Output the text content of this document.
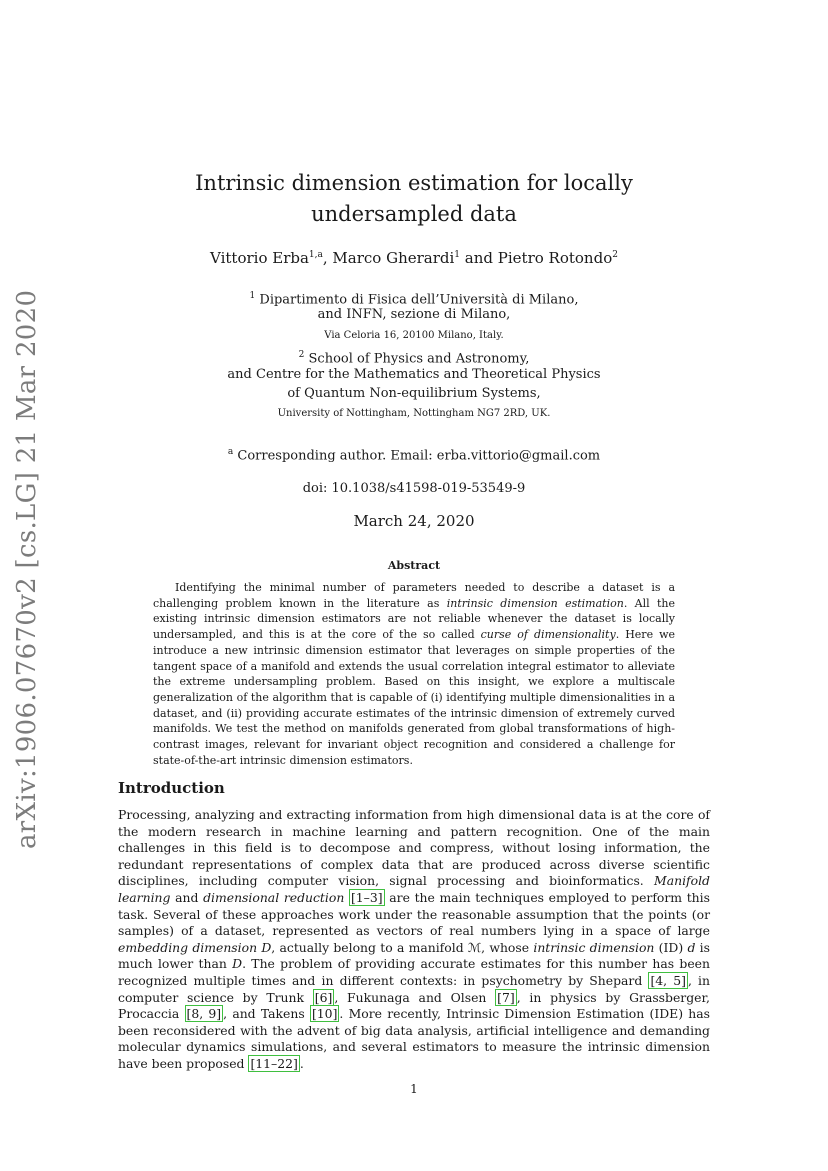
arXiv:1906.07670v2 [cs.LG] 21 Mar 2020
Intrinsic dimension estimation for locally undersampled data
Vittorio Erba$^{1,a}$, Marco Gherardi$^1$ and Pietro Rotondo$^2$
$^1$ Dipartimento di Fisica dell’Università di Milano,
and INFN, sezione di Milano,
Via Celoria 16, 20100 Milano, Italy.
$^2$ School of Physics and Astronomy,
and Centre for the Mathematics and Theoretical Physics
of Quantum Non-equilibrium Systems,
University of Nottingham, Nottingham NG7 2RD, UK.
$^a$ Corresponding author. Email: erba.vittorio@gmail.com
doi: 10.1038/s41598-019-53549-9
March 24, 2020
Abstract

Identifying the minimal number of parameters needed to describe a dataset is a challenging problem known in the literature as intrinsic dimension estimation. All the existing intrinsic dimension estimators are not reliable whenever the dataset is locally undersampled, and this is at the core of the so called curse of dimensionality. Here we introduce a new intrinsic dimension estimator that leverages on simple properties of the tangent space of a manifold and extends the usual correlation integral estimator to alleviate the extreme undersampling problem. Based on this insight, we explore a multiscale generalization of the algorithm that is capable of (i) identifying multiple dimensionalities in a dataset, and (ii) providing accurate estimates of the intrinsic dimension of extremely curved manifolds. We test the method on manifolds generated from global transformations of high-contrast images, relevant for invariant object recognition and considered a challenge for state-of-the-art intrinsic dimension estimators.

Introduction

Processing, analyzing and extracting information from high dimensional data is at the core of the modern research in machine learning and pattern recognition. One of the main challenges in this field is to decompose and compress, without losing information, the redundant representations of complex data that are produced across diverse scientific disciplines, including computer vision, signal processing and bioinformatics. Manifold learning and dimensional reduction [1–3] are the main techniques employed to perform this task. Several of these approaches work under the reasonable assumption that the points (or samples) of a dataset, represented as vectors of real numbers lying in a space of large embedding dimension D, actually belong to a manifold ℳ, whose intrinsic dimension (ID) d is much lower than D. The problem of providing accurate estimates for this number has been recognized multiple times and in different contexts: in psychometry by Shepard [4, 5] , in computer science by Trunk [6] , Fukunaga and Olsen [7] , in physics by Grassberger, Procaccia [8, 9] , and Takens [10] . More recently, Intrinsic Dimension Estimation (IDE) has been reconsidered with the advent of big data analysis, artificial intelligence and demanding molecular dynamics simulations, and several estimators to measure the intrinsic dimension have been proposed [11–22] .

1
